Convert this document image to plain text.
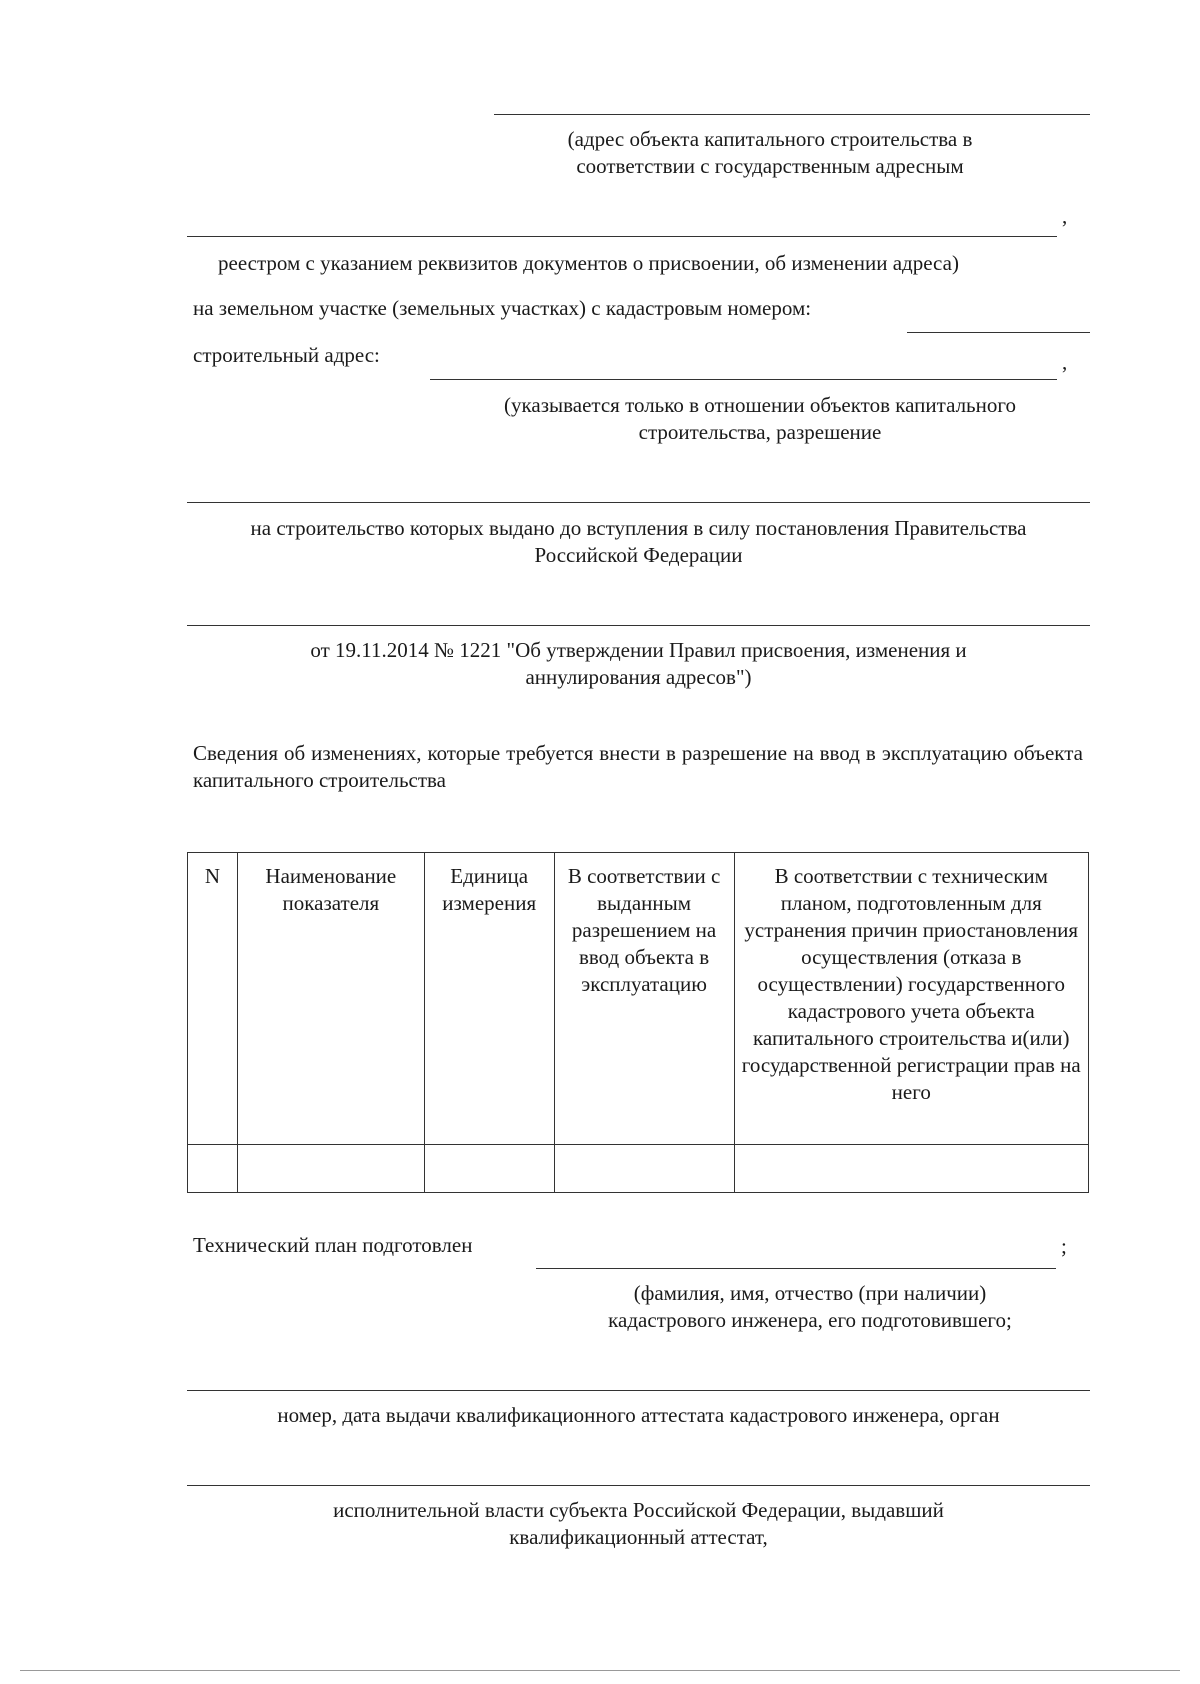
(адрес объекта капитального строительства в
соответствии с государственным адресным
,
реестром с указанием реквизитов документов о присвоении, об изменении адреса)
на земельном участке (земельных участках) с кадастровым номером:
строительный адрес:	,
(указывается только в отношении объектов капитального
строительства, разрешение
на строительство которых выдано до вступления в силу постановления Правительства
Российской Федерации
от 19.11.2014 № 1221 "Об утверждении Правил присвоения, изменения и
аннулирования адресов")
Сведения об изменениях, которые требуется внести в разрешение на ввод в эксплуатацию объекта капитального строительства
N	Наименование показателя	Единица измерения	В соответствии с выданным разрешением на ввод объекта в эксплуатацию	В соответствии с техническим планом, подготовленным для устранения причин приостановления осуществления (отказа в осуществлении) государственного кадастрового учета объекта капитального строительства и(или) государственной регистрации прав на него

Технический план подготовлен	;
(фамилия, имя, отчество (при наличии)
кадастрового инженера, его подготовившего;
номер, дата выдачи квалификационного аттестата кадастрового инженера, орган
исполнительной власти субъекта Российской Федерации, выдавший
квалификационный аттестат,
